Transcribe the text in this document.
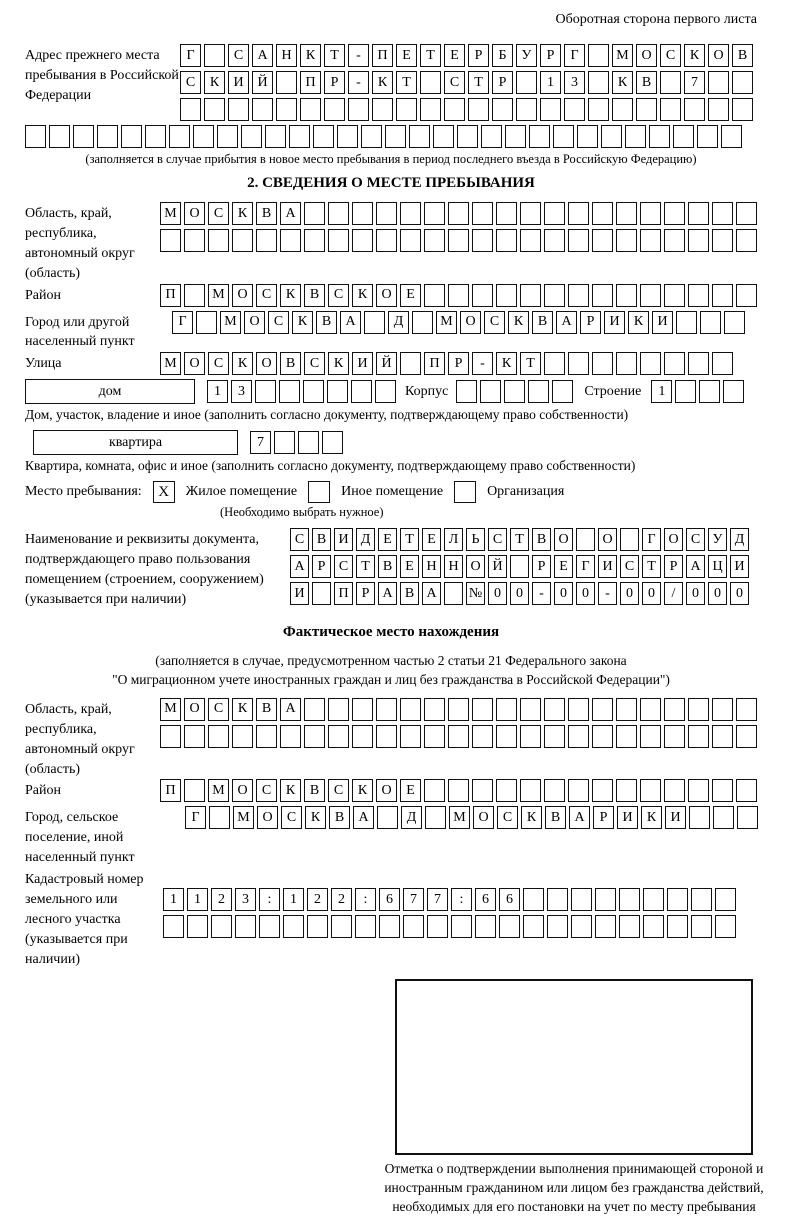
Оборотная сторона первого листа
Адрес прежнего места пребывания в Российской Федерации
Г	С	А Н	К	Т	-	П	Е	Т	Е	Р	Б	У	Р	Г	М О	С	К	О	В
С	К	И Й	П	Р	-	К	Т	С	Т	Р	1	3	К	В	7
(заполняется в случае прибытия в новое место пребывания в период последнего въезда в Российскую Федерацию)
2. СВЕДЕНИЯ О МЕСТЕ ПРЕБЫВАНИЯ
Область, край, республика, автономный округ (область)
М О	С	К	В	А
Район	П	М О	С	К	В	С	К	О	Е
Город или другой населенный пункт
Г	М О	С	К	В	А	Д	М О	С	К	В	А	Р	И	К	И
Улица	М О	С	К	О	В	С	К	И Й	П	Р	-	К	Т
дом	1	3	Корпус	Строение	1
Дом, участок, владение и иное (заполнить согласно документу, подтверждающему право собственности)
квартира	7
Квартира, комната, офис и иное (заполнить согласно документу, подтверждающему право собственности)
Место пребывания:	X	Жилое помещение	Иное помещение	Организация
(Необходимо выбрать нужное)
Наименование и реквизиты документа, подтверждающего право пользования помещением (строением, сооружением) (указывается при наличии)
С В И Д Е Т Е Л Ь С Т В О	О	Г О С У Д
А Р С Т В Е Н Н О Й	Р Е Г И С Т Р А Ц И
И	П Р А В А	№ 0	0	-	0	0	-	0	0	/	0	0	0
Фактическое место нахождения
(заполняется в случае, предусмотренном частью 2 статьи 21 Федерального закона
"О миграционном учете иностранных граждан и лиц без гражданства в Российской Федерации")
Область, край, республика, автономный округ (область)
М О	С	К	В	А
Район	П	М О	С	К	В	С	К	О	Е
Город, сельское поселение, иной населенный пункт
Г	М О	С	К	В	А	Д	М О	С	К	В	А	Р	И	К	И
Кадастровый номер земельного или лесного участка (указывается при наличии)
1	1	2	3	:	1	2	2	:	6	7	7	:	6	6
Отметка о подтверждении выполнения принимающей стороной и иностранным гражданином или лицом без гражданства действий, необходимых для его постановки на учет по месту пребывания
